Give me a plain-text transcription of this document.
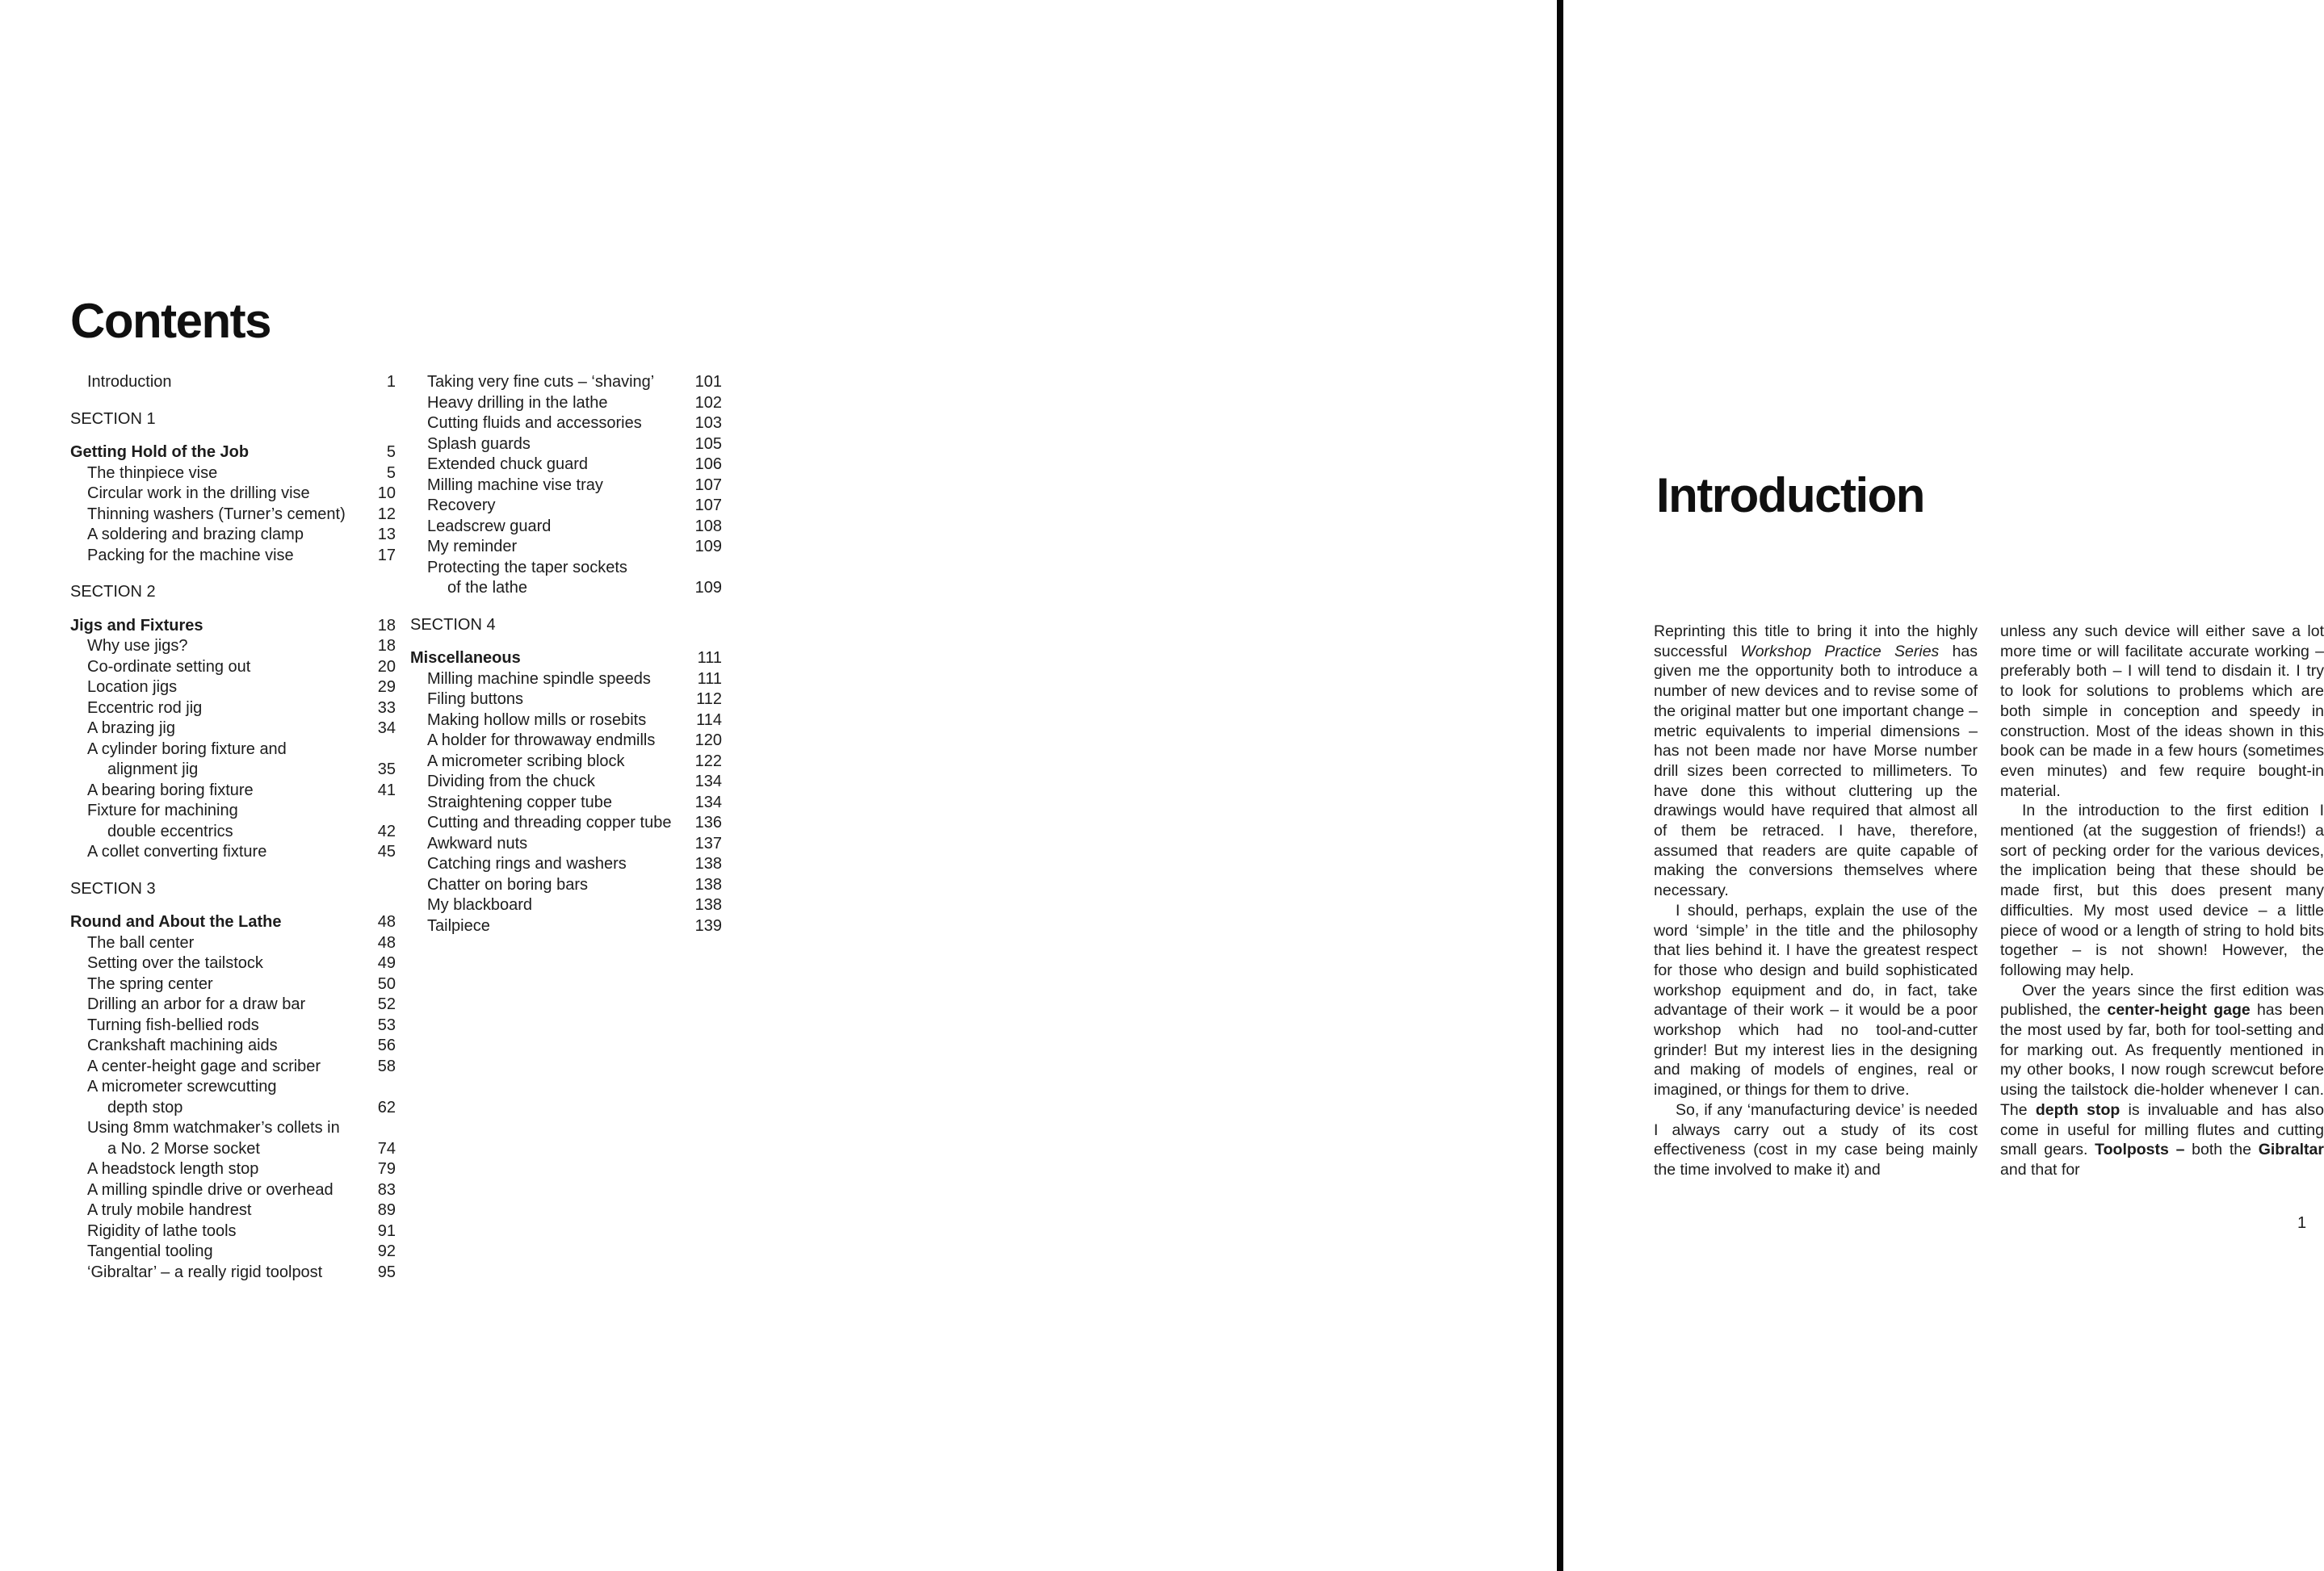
Contents
Introduction	1
SECTION 1
Getting Hold of the Job	5
The thinpiece vise	5
Circular work in the drilling vise	10
Thinning washers (Turner’s cement)	12
A soldering and brazing clamp	13
Packing for the machine vise	17
SECTION 2
Jigs and Fixtures	18
Why use jigs?	18
Co-ordinate setting out	20
Location jigs	29
Eccentric rod jig	33
A brazing jig	34
A cylinder boring fixture and
alignment jig	35
A bearing boring fixture	41
Fixture for machining
double eccentrics	42
A collet converting fixture	45
SECTION 3
Round and About the Lathe	48
The ball center	48
Setting over the tailstock	49
The spring center	50
Drilling an arbor for a draw bar	52
Turning fish-bellied rods	53
Crankshaft machining aids	56
A center-height gage and scriber	58
A micrometer screwcutting
depth stop	62
Using 8mm watchmaker’s collets in
a No. 2 Morse socket	74
A headstock length stop	79
A milling spindle drive or overhead	83
A truly mobile handrest	89
Rigidity of lathe tools	91
Tangential tooling	92
‘Gibraltar’ – a really rigid toolpost	95
Taking very fine cuts – ‘shaving’	101
Heavy drilling in the lathe	102
Cutting fluids and accessories	103
Splash guards	105
Extended chuck guard	106
Milling machine vise tray	107
Recovery	107
Leadscrew guard	108
My reminder	109
Protecting the taper sockets
of the lathe	109
SECTION 4
Miscellaneous	111
Milling machine spindle speeds	111
Filing buttons	112
Making hollow mills or rosebits	114
A holder for throwaway endmills	120
A micrometer scribing block	122
Dividing from the chuck	134
Straightening copper tube	134
Cutting and threading copper tube	136
Awkward nuts	137
Catching rings and washers	138
Chatter on boring bars	138
My blackboard	138
Tailpiece	139
Introduction

Reprinting this title to bring it into the highly successful Workshop Practice Series has given me the opportunity both to introduce a number of new devices and to revise some of the original matter but one important change – metric equivalents to imperial dimensions – has not been made nor have Morse number drill sizes been corrected to millimeters. To have done this without cluttering up the drawings would have required that almost all of them be retraced. I have, therefore, assumed that readers are quite capable of making the conversions themselves where necessary.

I should, perhaps, explain the use of the word ‘simple’ in the title and the philosophy that lies behind it. I have the greatest respect for those who design and build sophisticated workshop equipment and do, in fact, take advantage of their work – it would be a poor workshop which had no tool-and-cutter grinder! But my interest lies in the designing and making of models of engines, real or imagined, or things for them to drive.

So, if any ‘manufacturing device’ is needed I always carry out a study of its cost effectiveness (cost in my case being mainly the time involved to make it) and

unless any such device will either save a lot more time or will facilitate accurate working – preferably both – I will tend to disdain it. I try to look for solutions to problems which are both simple in conception and speedy in construction. Most of the ideas shown in this book can be made in a few hours (sometimes even minutes) and few require bought-in material.

In the introduction to the first edition I mentioned (at the suggestion of friends!) a sort of pecking order for the various devices, the implication being that these should be made first, but this does present many difficulties. My most used device – a little piece of wood or a length of string to hold bits together – is not shown! However, the following may help.

Over the years since the first edition was published, the center-height gage has been the most used by far, both for tool-setting and for marking out. As frequently mentioned in my other books, I now rough screwcut before using the tailstock die-holder whenever I can. The depth stop is invaluable and has also come in useful for milling flutes and cutting small gears. Toolposts – both the Gibraltar and that for

1
